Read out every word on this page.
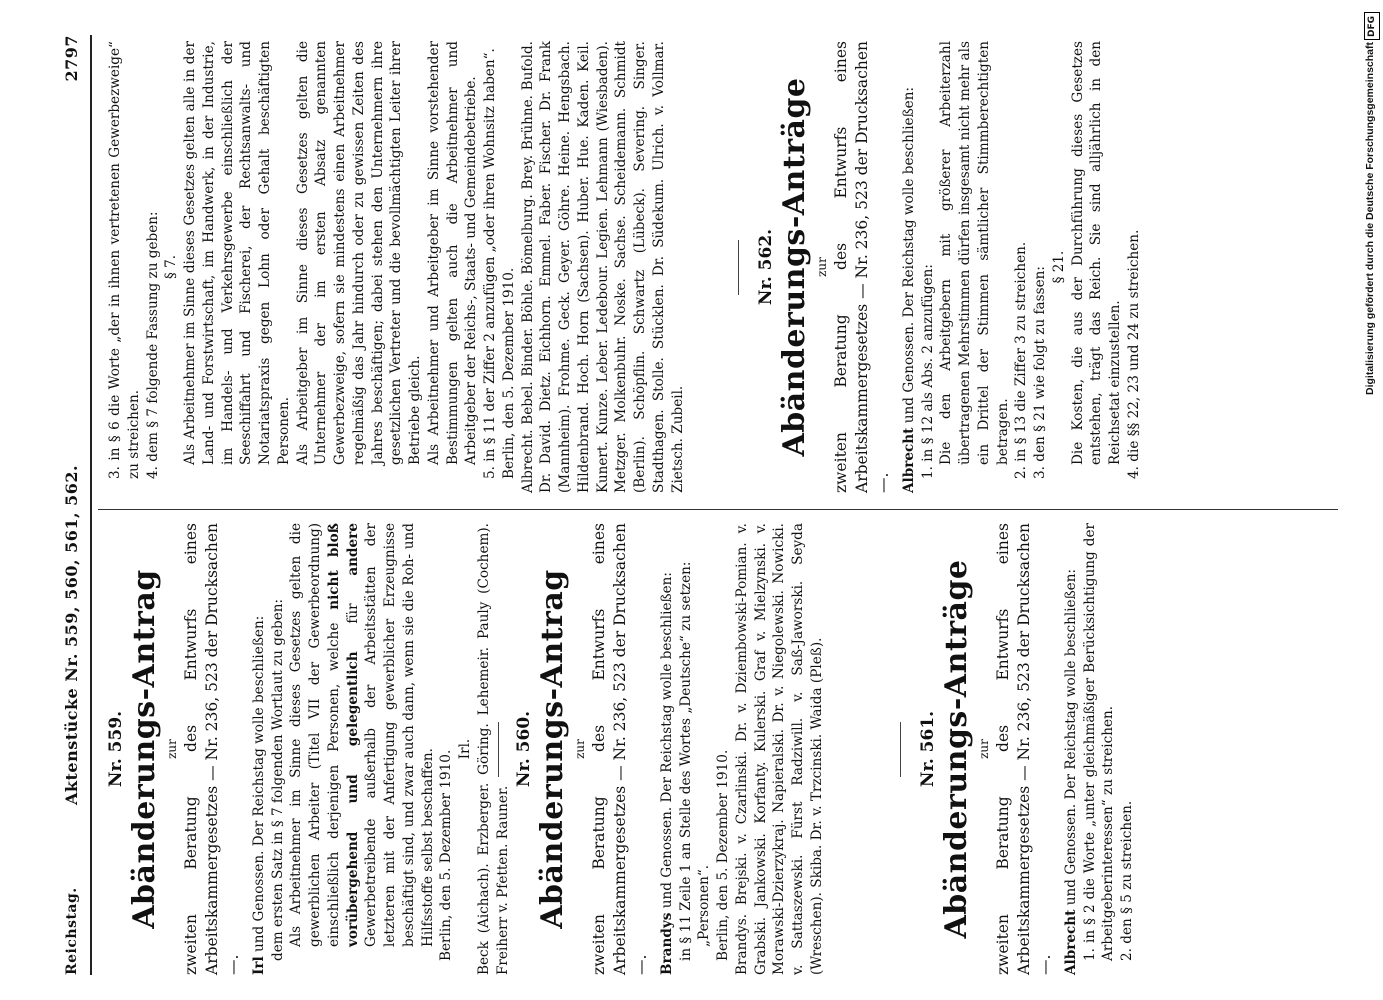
Reichstag.
Aktenstücke Nr. 559, 560, 561, 562.
2797
Nr. 559. Abänderungs-Antrag zur zweiten Beratung des Entwurfs eines Arbeitskammergesetzes — Nr. 236, 523 der Drucksachen —. Irl und Genossen. Der Reichstag wolle beschließen: dem ersten Satz in § 7 folgenden Wortlaut zu geben: Als Arbeitnehmer im Sinne dieses Gesetzes gelten die gewerblichen Arbeiter (Titel VII der Gewerbeordnung) einschließlich derjenigen Personen, welche nicht bloß vorübergehend und gelegentlich für andere Gewerbetreibende außerhalb der Arbeitsstätten der letzteren mit der Anfertigung gewerblicher Erzeugnisse beschäftigt sind, und zwar auch dann, wenn sie die Roh- und Hilfsstoffe selbst beschaffen. Berlin, den 5. Dezember 1910.

Irl. Beck (Aichach). Erzberger. Göring. Lehemeir. Pauly (Cochem). Freiherr v. Pfetten. Rauner.

Nr. 560. Abänderungs-Antrag zur zweiten Beratung des Entwurfs eines Arbeitskammergesetzes — Nr. 236, 523 der Drucksachen —. Brandys und Genossen. Der Reichstag wolle beschließen: in § 11 Zeile 1 an Stelle des Wortes „Deutsche“ zu setzen: „Personen“. Berlin, den 5. Dezember 1910. Brandys. Brejski. v. Czarlinski. Dr. v. Dziembowski-Pomian. v. Grabski. Jankowski. Korfanty. Kulerski. Graf v. Mielzynski. v. Morawski-Dzierzykraj. Napieralski. Dr. v. Niegolewski. Nowicki. v. Sattaszewski. Fürst Radziwill. v. Saß-Jaworski. Seyda (Wreschen). Skiba. Dr. v. Trzcinski. Waida (Pleß).	Nr. 561. Abänderungs-Anträge zur zweiten Beratung des Entwurfs eines Arbeitskammergesetzes — Nr. 236, 523 der Drucksachen —. Albrecht und Genossen. Der Reichstag wolle beschließen: 1. in § 2 die Worte „unter gleichmäßiger Berücksichtigung der Arbeitgeberinteressen“ zu streichen. 2. den § 5 zu streichen.

3. in § 6 die Worte „der in ihnen vertretenen Gewerbezweige“ zu streichen. 4. dem § 7 folgende Fassung zu geben: § 7. Als Arbeitnehmer im Sinne dieses Gesetzes gelten alle in der Land- und Forstwirtschaft, im Handwerk, in der Industrie, im Handels- und Verkehrsgewerbe einschließlich der Seeschiffahrt und Fischerei, der Rechtsanwalts- und Notariatspraxis gegen Lohn oder Gehalt beschäftigten Personen. Als Arbeitgeber im Sinne dieses Gesetzes gelten die Unternehmer der im ersten Absatz genannten Gewerbezweige, sofern sie mindestens einen Arbeitnehmer regelmäßig das Jahr hindurch oder zu gewissen Zeiten des Jahres beschäftigen; dabei stehen den Unternehmern ihre gesetzlichen Vertreter und die bevollmächtigten Leiter ihrer Betriebe gleich. Als Arbeitnehmer und Arbeitgeber im Sinne vorstehender Bestimmungen gelten auch die Arbeitnehmer und Arbeitgeber der Reichs-, Staats- und Gemeindebetriebe. 5. in § 11 der Ziffer 2 anzufügen „oder ihren Wohnsitz haben“. Berlin, den 5. Dezember 1910. Albrecht. Bebel. Binder. Böhle. Bömelburg. Brey. Brühne. Bufold. Dr. David. Dietz. Eichhorn. Emmel. Faber. Fischer. Dr. Frank (Mannheim). Frohme. Geck. Geyer. Göhre. Heine. Hengsbach. Hildenbrand. Hoch. Horn (Sachsen). Huber. Hue. Kaden. Keil. Kunert. Kunze. Leber. Ledebour. Legien. Lehmann (Wiesbaden). Metzger. Molkenbuhr. Noske. Sachse. Scheidemann. Schmidt (Berlin). Schöpflin. Schwartz (Lübeck). Severing. Singer. Stadthagen. Stolle. Stücklen. Dr. Südekum. Ulrich. v. Vollmar. Zietsch. Zubeil.

Nr. 562. Abänderungs-Anträge zur zweiten Beratung des Entwurfs eines Arbeitskammergesetzes — Nr. 236, 523 der Drucksachen —. Albrecht und Genossen. Der Reichstag wolle beschließen: 1. in § 12 als Abs. 2 anzufügen: Die den Arbeitgebern mit größerer Arbeiterzahl übertragenen Mehrstimmen dürfen insgesamt nicht mehr als ein Drittel der Stimmen sämtlicher Stimmberechtigten betragen. 2. in § 13 die Ziffer 3 zu streichen. 3. den § 21 wie folgt zu fassen: § 21. Die Kosten, die aus der Durchführung dieses Gesetzes entstehen, trägt das Reich. Sie sind alljährlich in den Reichsetat einzustellen. 4. die §§ 22, 23 und 24 zu streichen.

DFG
Digitalisierung gefördert durch die Deutsche Forschungsgemeinschaft
